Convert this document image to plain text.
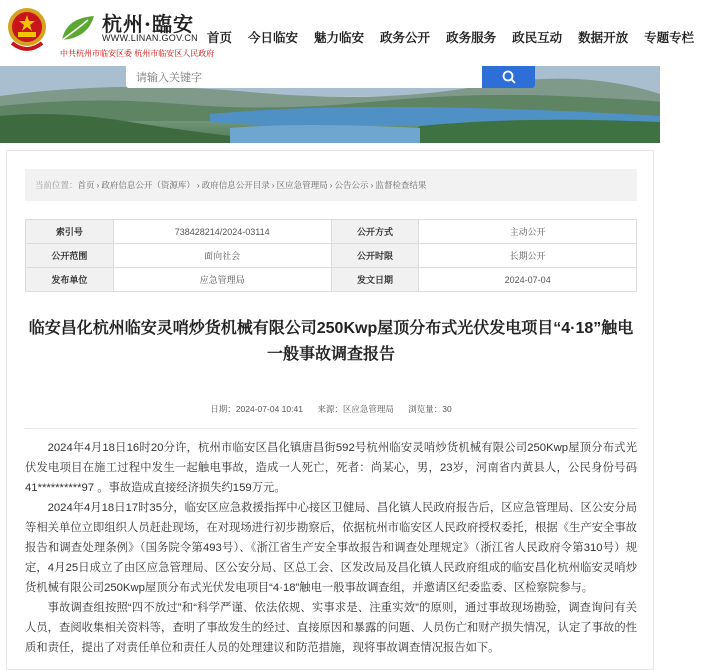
杭州·臨安
WWW.LINAN.GOV.CN
中共杭州市临安区委 杭州市临安区人民政府
首页 今日临安 魅力临安 政务公开 政务服务 政民互动 数据开放 专题专栏
请输入关键字
当前位置：首页 › 政府信息公开（资源库） › 政府信息公开目录 › 区应急管理局 › 公告公示 › 监督检查结果
索引号	738428214/2024-03114	公开方式	主动公开
公开范围	面向社会	公开时限	长期公开
发布单位	应急管理局	发文日期	2024-07-04
临安昌化杭州临安灵哨炒货机械有限公司250Kwp屋顶分布式光伏发电项目“4·18”触电
一般事故调查报告
日期：2024-07-04 10:41 来源：区应急管理局 浏览量：30

2024年4月18日16时20分许，杭州市临安区昌化镇唐昌街592号杭州临安灵哨炒货机械有限公司250Kwp屋顶分布式光伏发电项目在施工过程中发生一起触电事故，造成一人死亡，死者：尚某心，男，23岁，河南省内黄县人，公民身份号码41**********97 。事故造成直接经济损失约159万元。

2024年4月18日17时35分，临安区应急救援指挥中心接区卫健局、昌化镇人民政府报告后，区应急管理局、区公安分局等相关单位立即组织人员赶赴现场，在对现场进行初步勘察后，依据杭州市临安区人民政府授权委托，根据《生产安全事故报告和调查处理条例》（国务院令第493号）、《浙江省生产安全事故报告和调查处理规定》（浙江省人民政府令第310号）规定，4月25日成立了由区应急管理局、区公安分局、区总工会、区发改局及昌化镇人民政府组成的临安昌化杭州临安灵哨炒货机械有限公司250Kwp屋顶分布式光伏发电项目“4·18”触电一般事故调查组，并邀请区纪委监委、区检察院参与。

事故调查组按照“四不放过”和“科学严谨、依法依规、实事求是、注重实效”的原则，通过事故现场勘验，调查询问有关人员，查阅收集相关资料等，查明了事故发生的经过、直接原因和暴露的问题、人员伤亡和财产损失情况，认定了事故的性质和责任，提出了对责任单位和责任人员的处理建议和防范措施，现将事故调查情况报告如下。
